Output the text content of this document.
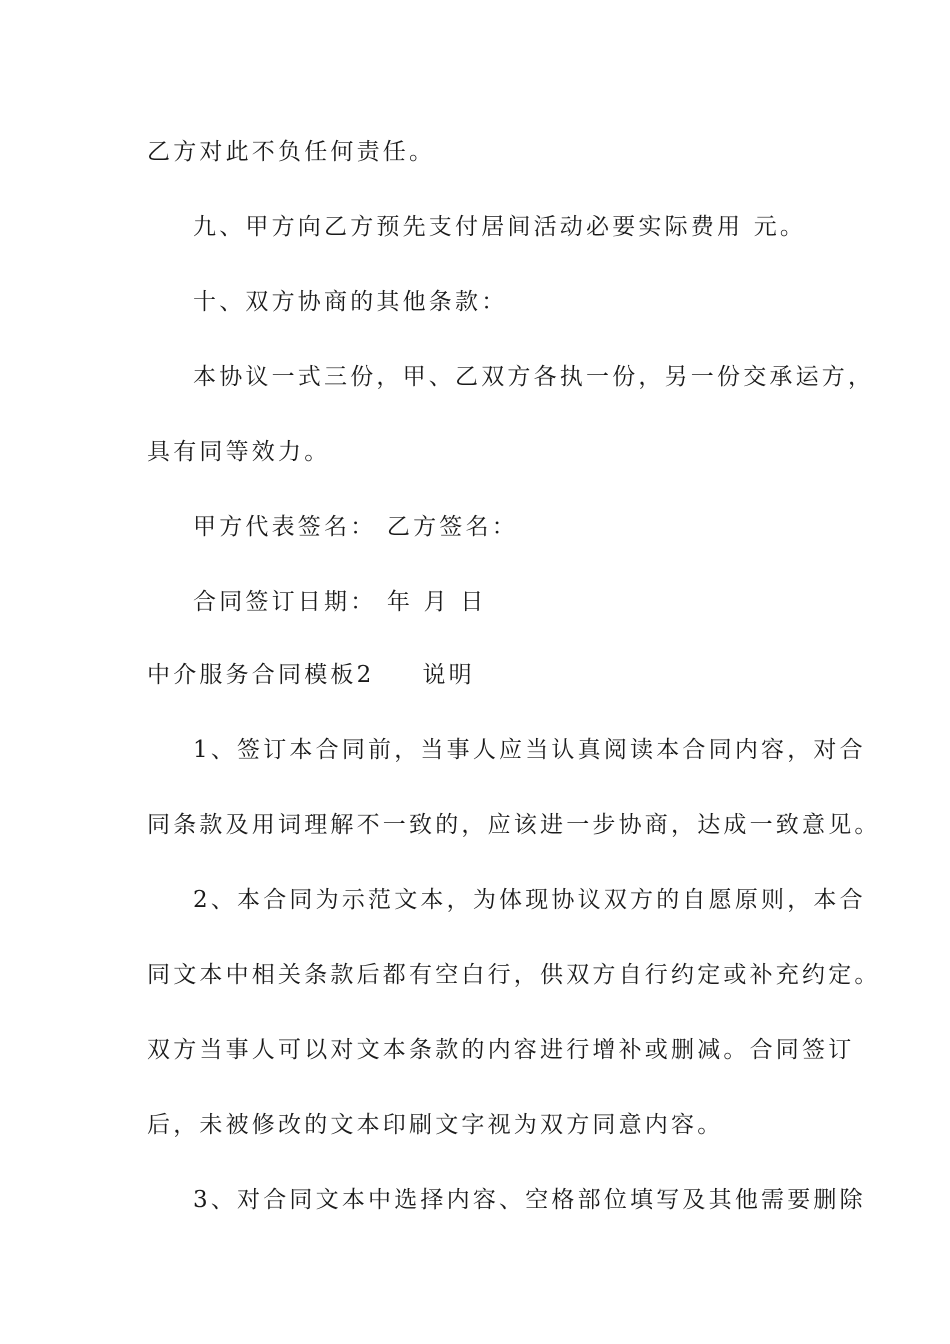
乙方对此不负任何责任。
九、甲方向乙方预先支付居间活动必要实际费用 元。
十、双方协商的其他条款：
本协议一式三份，甲、乙双方各执一份，另一份交承运方，
具有同等效力。
甲方代表签名： 乙方签名：
合同签订日期： 年 月 日
中介服务合同模板2 说明
1、签订本合同前，当事人应当认真阅读本合同内容，对合
同条款及用词理解不一致的，应该进一步协商，达成一致意见。
2、本合同为示范文本，为体现协议双方的自愿原则，本合
同文本中相关条款后都有空白行，供双方自行约定或补充约定。
双方当事人可以对文本条款的内容进行增补或删减。合同签订
后，未被修改的文本印刷文字视为双方同意内容。
3、对合同文本中选择内容、空格部位填写及其他需要删除
